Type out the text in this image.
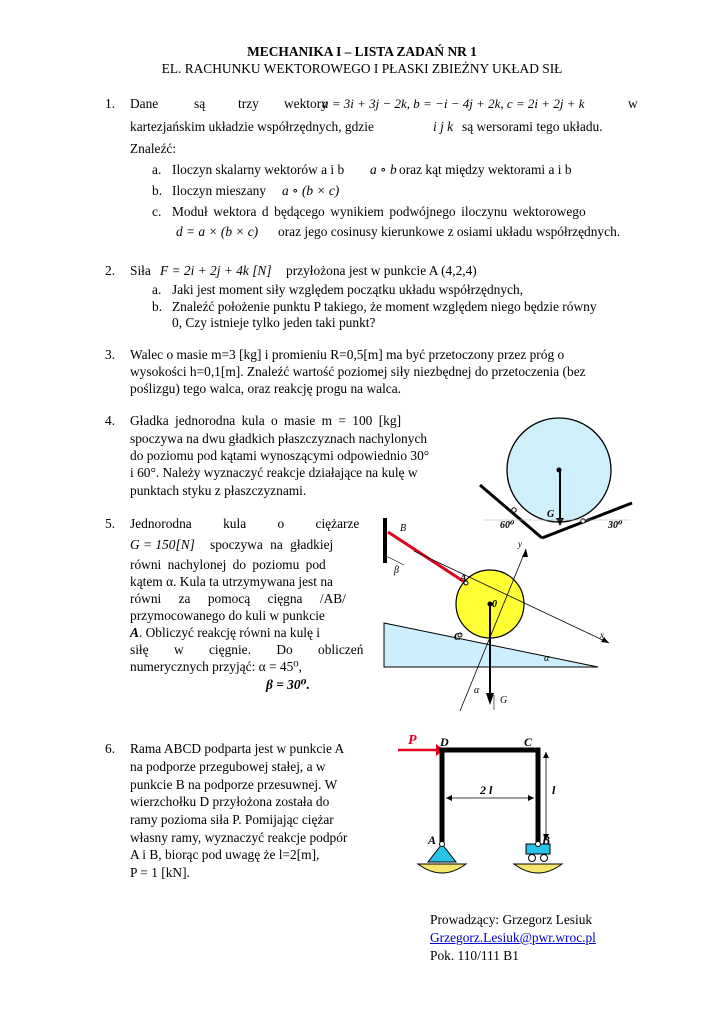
MECHANIKA I – LISTA ZADAŃ NR 1
EL. RACHUNKU WEKTOROWEGO I PŁASKI ZBIEŻNY UKŁAD SIŁ
1. Dane	są trzy wektory
a = 3i + 3j − 2k, b = −i − 4j + 2k, c = 2i + 2j + k	w
kartezjańskim układzie współrzędnych, gdzie	i j k są wersorami tego układu.
Znaleźć:
a. Iloczyn skalarny wektorów a i b a ∘ b oraz kąt między wektorami a i b
b. Iloczyn mieszany a ∘ (b × c)
c. Moduł wektora d będącego wynikiem podwójnego iloczynu wektorowego
d = a × (b × c) oraz jego cosinusy kierunkowe z osiami układu współrzędnych.
2. Siła F = 2i + 2j + 4k [N] przyłożona jest w punkcie A (4,2,4)
a. Jaki jest moment siły względem początku układu współrzędnych,
b. Znaleźć położenie punktu P takiego, że moment względem niego będzie równy
0, Czy istnieje tylko jeden taki punkt?
3. Walec o masie m=3 [kg] i promieniu R=0,5[m] ma być przetoczony przez próg o
wysokości h=0,1[m]. Znaleźć wartość poziomej siły niezbędnej do przetoczenia (bez
poślizgu) tego walca, oraz reakcję progu na walca.
4. Gładka jednorodna kula o masie m = 100 [kg]
spoczywa na dwu gładkich płaszczyznach nachylonych
do poziomu pod kątami wynoszącymi odpowiednio 30°
i 60°. Należy wyznaczyć reakcje działające na kulę w
punktach styku z płaszczyznami.
5. Jednorodna kula o ciężarze
G = 150[N] spoczywa na gładkiej
równi nachylonej do poziomu pod
kątem α. Kula ta utrzymywana jest na
równi za pomocą cięgna /AB/
przymocowanego do kuli w punkcie
A. Obliczyć reakcję równi na kulę i
siłę w cięgnie. Do obliczeń
numerycznych przyjąć: α = 45⁰,
β = 30⁰.
6. Rama ABCD podparta jest w punkcie A
na podporze przegubowej stałej, a w
punkcie B na podporze przesuwnej. W
wierzchołku D przyłożona została do
ramy pozioma siła P. Pomijając ciężar
własny ramy, wyznaczyć reakcje podpór
A i B, biorąc pod uwagę że l=2[m],
P = 1 [kN].
Prowadzący: Grzegorz Lesiuk
Grzegorz.Lesiuk@pwr.wroc.pl
Pok. 110/111 B1
G
60⁰	30⁰
B
A
C
0
β
α
α
x
y
G
P D	C
A	B
2 l	l
